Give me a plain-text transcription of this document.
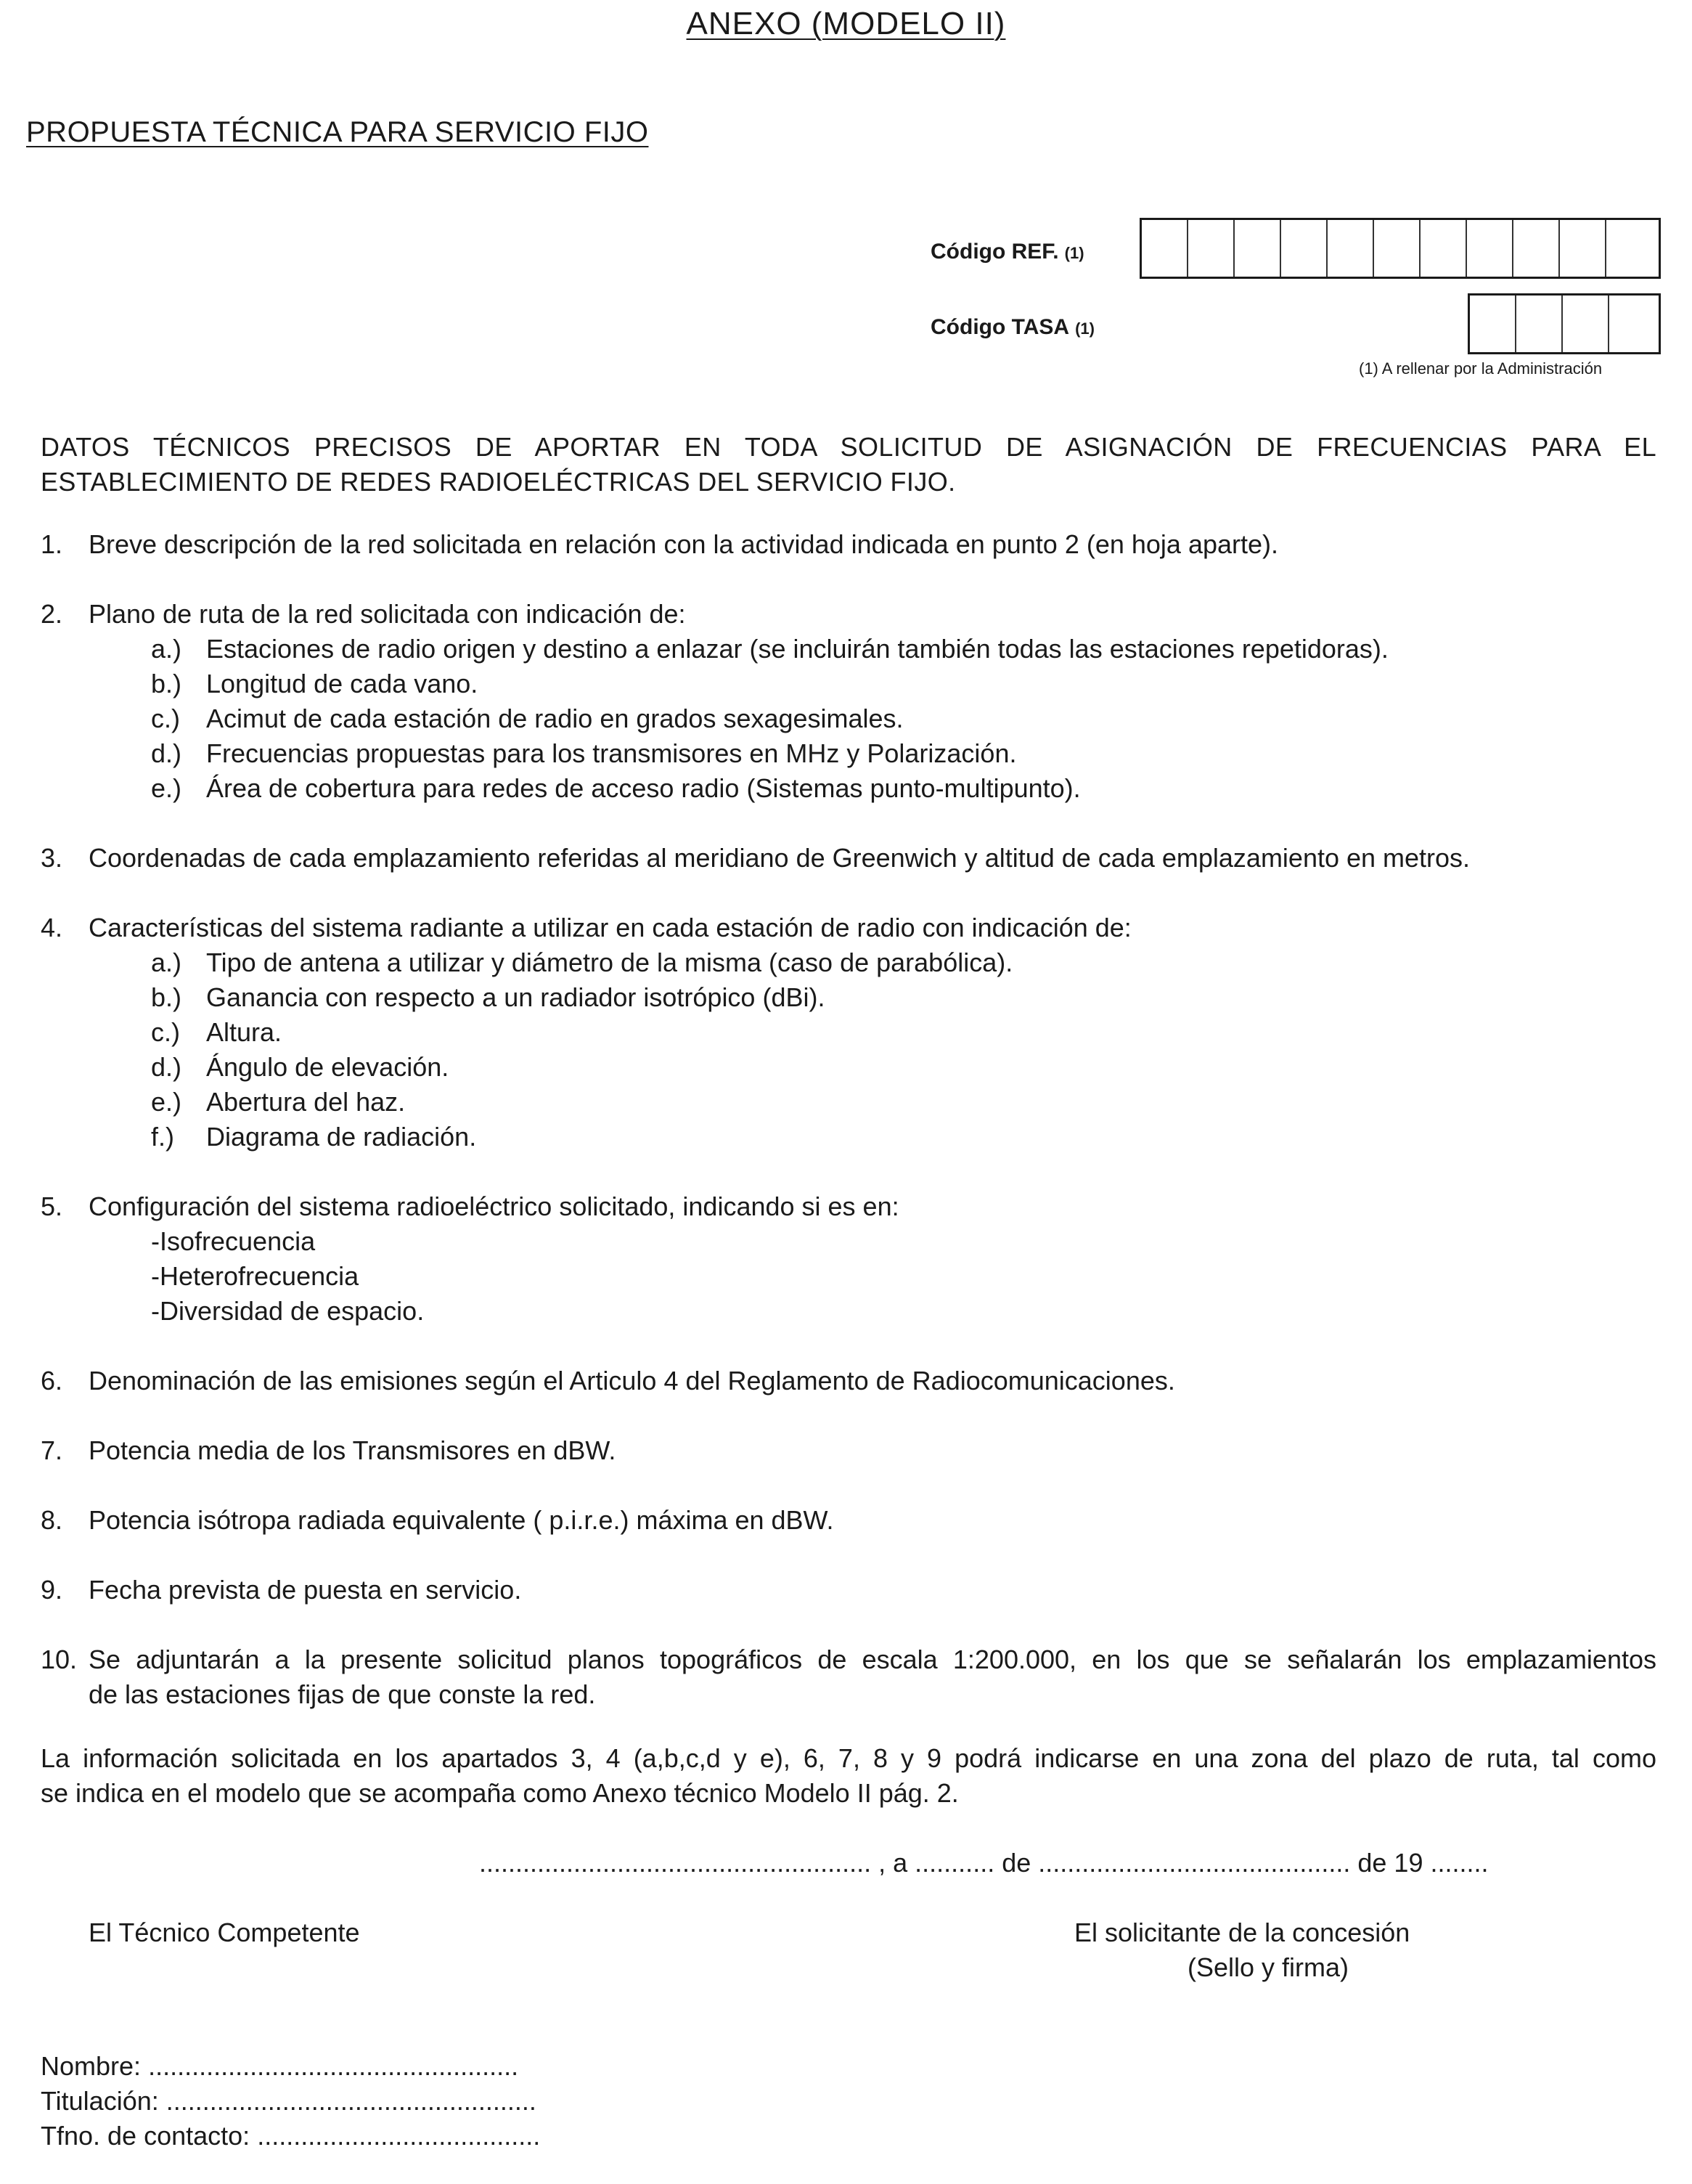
ANEXO (MODELO II)
PROPUESTA TÉCNICA PARA SERVICIO FIJO
Código REF. (1)
Código TASA (1)
(1) A rellenar por la Administración
DATOS TÉCNICOS PRECISOS DE APORTAR EN TODA SOLICITUD DE ASIGNACIÓN DE FRECUENCIAS PARA EL ESTABLECIMIENTO DE REDES RADIOELÉCTRICAS DEL SERVICIO FIJO.
1. Breve descripción de la red solicitada en relación con la actividad indicada en punto 2 (en hoja aparte).
2. Plano de ruta de la red solicitada con indicación de:
a.) Estaciones de radio origen y destino a enlazar (se incluirán también todas las estaciones repetidoras).
b.) Longitud de cada vano.
c.) Acimut de cada estación de radio en grados sexagesimales.
d.) Frecuencias propuestas para los transmisores en MHz y Polarización.
e.) Área de cobertura para redes de acceso radio (Sistemas punto-multipunto).
3. Coordenadas de cada emplazamiento referidas al meridiano de Greenwich y altitud de cada emplazamiento en metros.
4. Características del sistema radiante a utilizar en cada estación de radio con indicación de:
a.) Tipo de antena a utilizar y diámetro de la misma (caso de parabólica).
b.) Ganancia con respecto a un radiador isotrópico (dBi).
c.) Altura.
d.) Ángulo de elevación.
e.) Abertura del haz.
f.) Diagrama de radiación.
5. Configuración del sistema radioeléctrico solicitado, indicando si es en:
-Isofrecuencia
-Heterofrecuencia
-Diversidad de espacio.
6. Denominación de las emisiones según el Articulo 4 del Reglamento de Radiocomunicaciones.
7. Potencia media de los Transmisores en dBW.
8. Potencia isótropa radiada equivalente ( p.i.r.e.) máxima en dBW.
9. Fecha prevista de puesta en servicio.
10. Se adjuntarán a la presente solicitud planos topográficos de escala 1:200.000, en los que se señalarán los emplazamientos
de las estaciones fijas de que conste la red.
La información solicitada en los apartados 3, 4 (a,b,c,d y e), 6, 7, 8 y 9 podrá indicarse en una zona del plazo de ruta, tal como
se indica en el modelo que se acompaña como Anexo técnico Modelo II pág. 2.
...................................................... , a ........... de ........................................... de 19 ........
El Técnico Competente	El solicitante de la concesión
(Sello y firma)
Nombre: ...................................................
Titulación: ...................................................
Tfno. de contacto: .......................................
